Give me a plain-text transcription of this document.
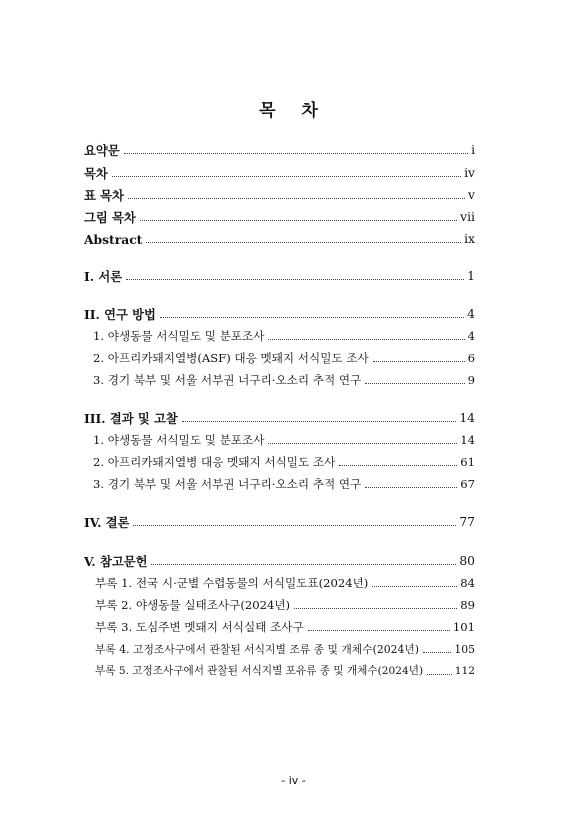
목 차
요약문	i
목차	iv
표 목차	v
그림 목차	vii
Abstract	ix
I. 서론	1
II. 연구 방법	4
1. 야생동물 서식밀도 및 분포조사	4
2. 아프리카돼지열병(ASF) 대응 멧돼지 서식밀도 조사	6
3. 경기 북부 및 서울 서부권 너구리·오소리 추적 연구	9
III. 결과 및 고찰	14
1. 야생동물 서식밀도 및 분포조사	14
2. 아프리카돼지열병 대응 멧돼지 서식밀도 조사	61
3. 경기 북부 및 서울 서부권 너구리·오소리 추적 연구	67
IV. 결론	77
V. 참고문헌	80
부록 1. 전국 시·군별 수렵동물의 서식밀도표(2024년)	84
부록 2. 야생동물 실태조사구(2024년)	89
부록 3. 도심주변 멧돼지 서식실태 조사구	101
부록 4. 고정조사구에서 관찰된 서식지별 조류 종 및 개체수(2024년)	105
부록 5. 고정조사구에서 관찰된 서식지별 포유류 종 및 개체수(2024년)	112
- iv -
